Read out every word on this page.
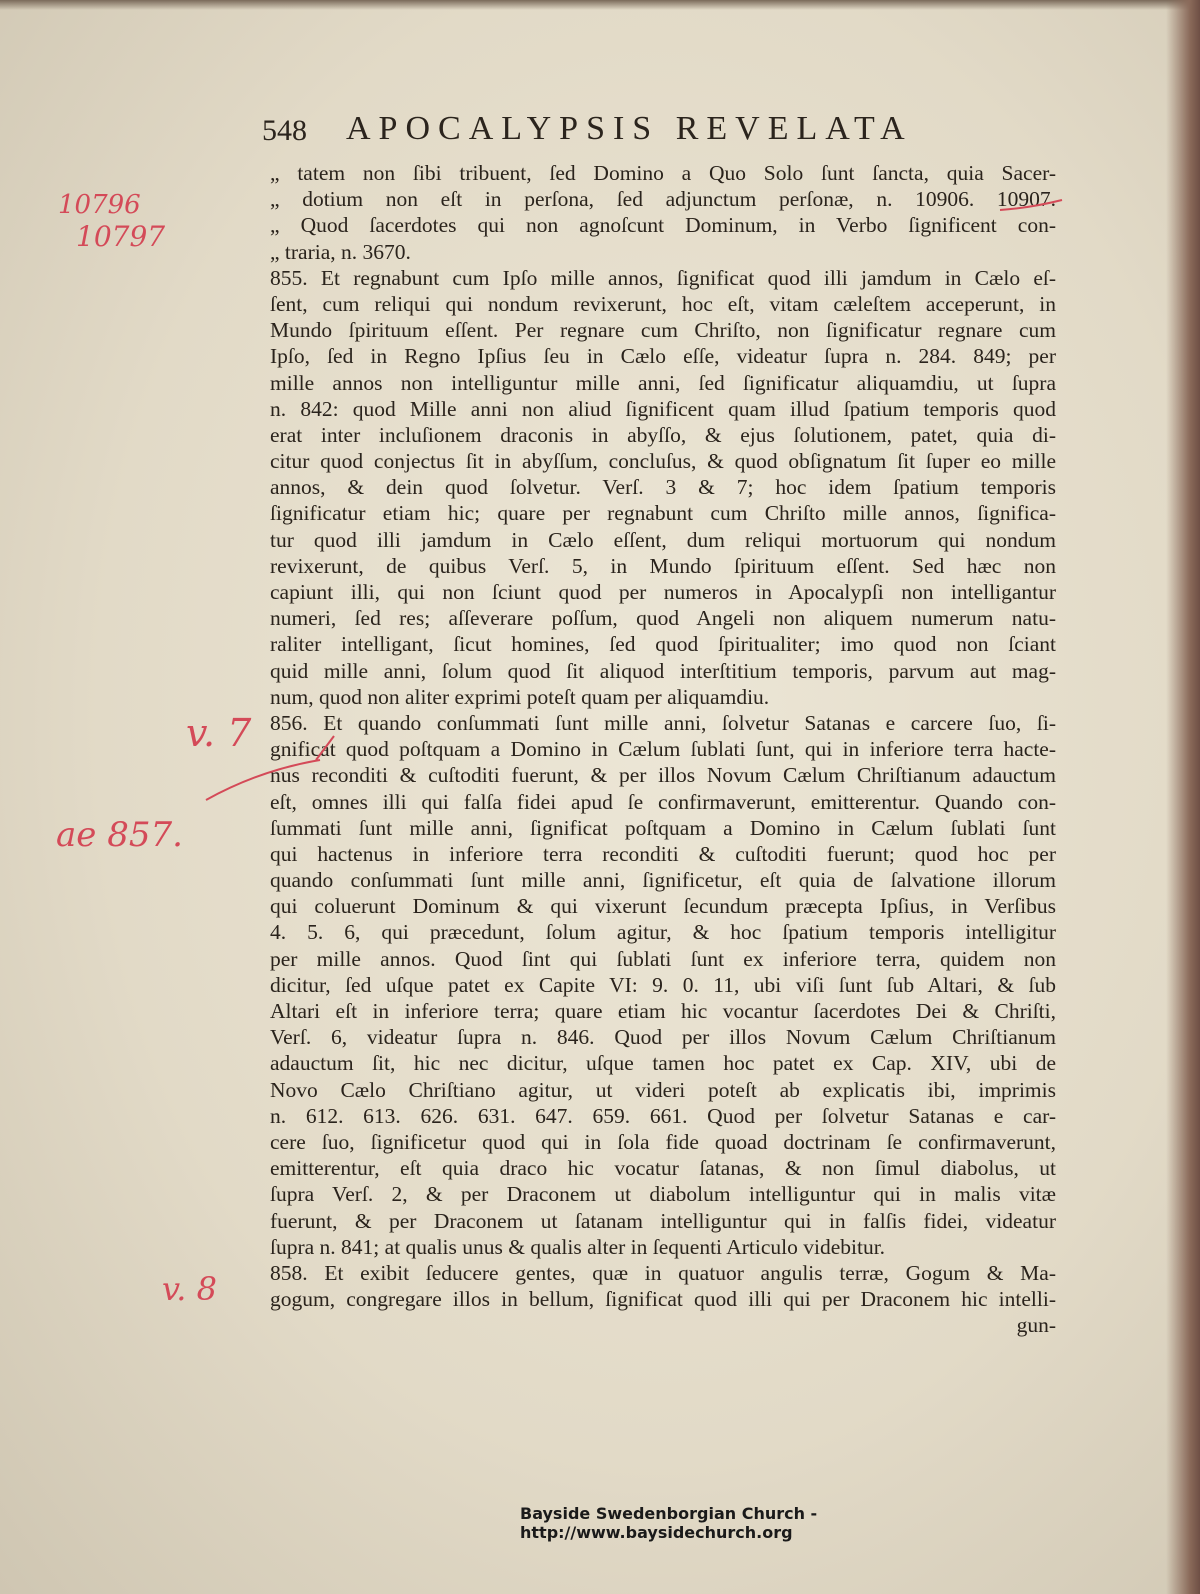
548 APOCALYPSIS REVELATA
„ tatem non ſibi tribuent, ſed Domino a Quo Solo ſunt ſancta, quia Sacer-
„ dotium non eſt in perſona, ſed adjunctum perſonæ, n. 10906. 10907.
„ Quod ſacerdotes qui non agnoſcunt Dominum, in Verbo ſignificent con-
„ traria, n. 3670.
855. Et regnabunt cum Ipſo mille annos, ſignificat quod illi jamdum in Cælo eſ-
ſent, cum reliqui qui nondum revixerunt, hoc eſt, vitam cæleſtem acceperunt, in
Mundo ſpirituum eſſent. Per regnare cum Chriſto, non ſignificatur regnare cum
Ipſo, ſed in Regno Ipſius ſeu in Cælo eſſe, videatur ſupra n. 284. 849; per
mille annos non intelliguntur mille anni, ſed ſignificatur aliquamdiu, ut ſupra
n. 842: quod Mille anni non aliud ſignificent quam illud ſpatium temporis quod
erat inter incluſionem draconis in abyſſo, & ejus ſolutionem, patet, quia di-
citur quod conjectus ſit in abyſſum, concluſus, & quod obſignatum ſit ſuper eo mille
annos, & dein quod ſolvetur. Verſ. 3 & 7; hoc idem ſpatium temporis
ſignificatur etiam hic; quare per regnabunt cum Chriſto mille annos, ſignifica-
tur quod illi jamdum in Cælo eſſent, dum reliqui mortuorum qui nondum
revixerunt, de quibus Verſ. 5, in Mundo ſpirituum eſſent. Sed hæc non
capiunt illi, qui non ſciunt quod per numeros in Apocalypſi non intelligantur
numeri, ſed res; aſſeverare poſſum, quod Angeli non aliquem numerum natu-
raliter intelligant, ſicut homines, ſed quod ſpiritualiter; imo quod non ſciant
quid mille anni, ſolum quod ſit aliquod interſtitium temporis, parvum aut mag-
num, quod non aliter exprimi poteſt quam per aliquamdiu.
856. Et quando conſummati ſunt mille anni, ſolvetur Satanas e carcere ſuo, ſi-
gnificat quod poſtquam a Domino in Cælum ſublati ſunt, qui in inferiore terra hacte-
nus reconditi & cuſtoditi fuerunt, & per illos Novum Cælum Chriſtianum adauctum
eſt, omnes illi qui falſa fidei apud ſe confirmaverunt, emitterentur. Quando con-
ſummati ſunt mille anni, ſignificat poſtquam a Domino in Cælum ſublati ſunt
qui hactenus in inferiore terra reconditi & cuſtoditi fuerunt; quod hoc per
quando conſummati ſunt mille anni, ſignificetur, eſt quia de ſalvatione illorum
qui coluerunt Dominum & qui vixerunt ſecundum præcepta Ipſius, in Verſibus
4. 5. 6, qui præcedunt, ſolum agitur, & hoc ſpatium temporis intelligitur
per mille annos. Quod ſint qui ſublati ſunt ex inferiore terra, quidem non
dicitur, ſed uſque patet ex Capite VI: 9. 0. 11, ubi viſi ſunt ſub Altari, & ſub
Altari eſt in inferiore terra; quare etiam hic vocantur ſacerdotes Dei & Chriſti,
Verſ. 6, videatur ſupra n. 846. Quod per illos Novum Cælum Chriſtianum
adauctum ſit, hic nec dicitur, uſque tamen hoc patet ex Cap. XIV, ubi de
Novo Cælo Chriſtiano agitur, ut videri poteſt ab explicatis ibi, imprimis
n. 612. 613. 626. 631. 647. 659. 661. Quod per ſolvetur Satanas e car-
cere ſuo, ſignificetur quod qui in ſola fide quoad doctrinam ſe confirmaverunt,
emitterentur, eſt quia draco hic vocatur ſatanas, & non ſimul diabolus, ut
ſupra Verſ. 2, & per Draconem ut diabolum intelliguntur qui in malis vitæ
fuerunt, & per Draconem ut ſatanam intelliguntur qui in falſis fidei, videatur
ſupra n. 841; at qualis unus & qualis alter in ſequenti Articulo videbitur.
858. Et exibit ſeducere gentes, quæ in quatuor angulis terræ, Gogum & Ma-
gogum, congregare illos in bellum, ſignificat quod illi qui per Draconem hic intelli-
gun-
10796
10797
v. 7
ae 857.
v. 8
Bayside Swedenborgian Church - http://www.baysidechurch.org
